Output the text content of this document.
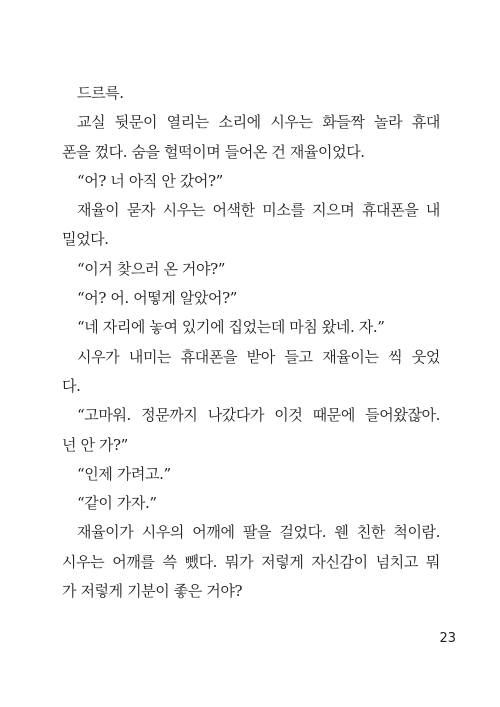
드르륵.
교실 뒷문이 열리는 소리에 시우는 화들짝 놀라 휴대
폰을 껐다. 숨을 헐떡이며 들어온 건 재율이었다.
“어? 너 아직 안 갔어?”
재율이 묻자 시우는 어색한 미소를 지으며 휴대폰을 내
밀었다.
“이거 찾으러 온 거야?”
“어? 어. 어떻게 알았어?”
“네 자리에 놓여 있기에 집었는데 마침 왔네. 자.”
시우가 내미는 휴대폰을 받아 들고 재율이는 씩 웃었
다.
“고마워. 정문까지 나갔다가 이것 때문에 들어왔잖아.
넌 안 가?”
“인제 가려고.”
“같이 가자.”
재율이가 시우의 어깨에 팔을 걸었다. 웬 친한 척이람.
시우는 어깨를 쓱 뺐다. 뭐가 저렇게 자신감이 넘치고 뭐
가 저렇게 기분이 좋은 거야?
23
